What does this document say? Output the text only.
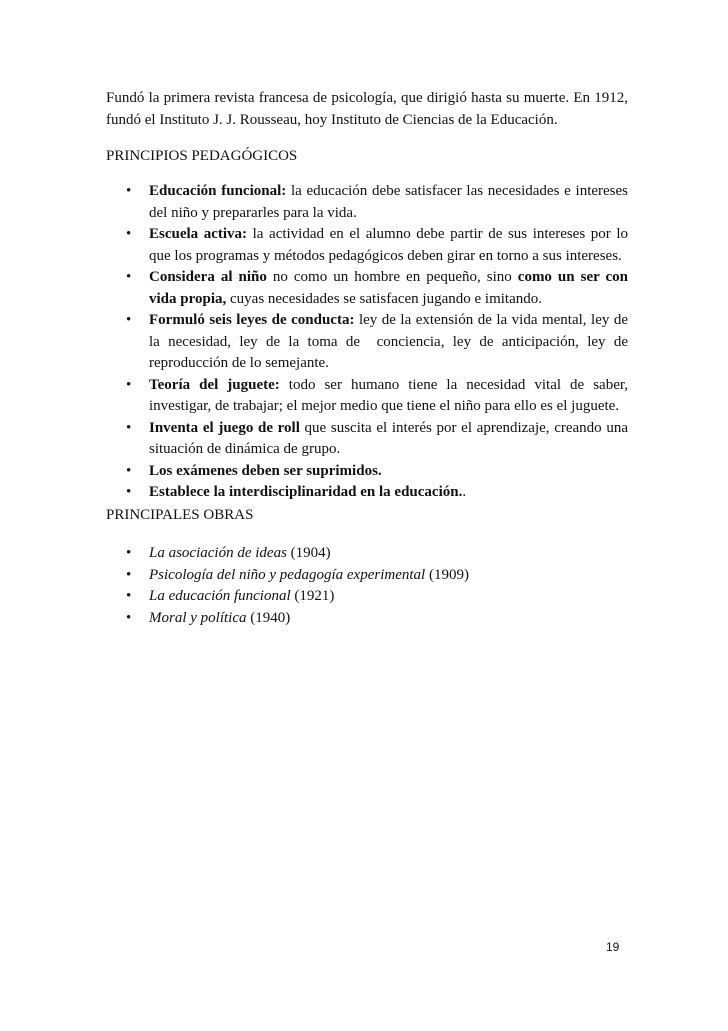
Fundó la primera revista francesa de psicología, que dirigió hasta su muerte. En 1912, fundó el Instituto J. J. Rousseau, hoy Instituto de Ciencias de la Educación.

PRINCIPIOS PEDAGÓGICOS

• Educación funcional: la educación debe satisfacer las necesidades e intereses del niño y prepararles para la vida.
• Escuela activa: la actividad en el alumno debe partir de sus intereses por lo que los programas y métodos pedagógicos deben girar en torno a sus intereses.
• Considera al niño no como un hombre en pequeño, sino como un ser con vida propia, cuyas necesidades se satisfacen jugando e imitando.
• Formuló seis leyes de conducta: ley de la extensión de la vida mental, ley de la necesidad, ley de la toma de  conciencia, ley de anticipación, ley de reproducción de lo semejante.
• Teoría del juguete: todo ser humano tiene la necesidad vital de saber, investigar, de trabajar; el mejor medio que tiene el niño para ello es el juguete.
• Inventa el juego de roll que suscita el interés por el aprendizaje, creando una situación de dinámica de grupo.
• Los exámenes deben ser suprimidos.
• Establece la interdisciplinaridad en la educación..

PRINCIPALES OBRAS

• La asociación de ideas (1904)
• Psicología del niño y pedagogía experimental (1909)
• La educación funcional (1921)
• Moral y política (1940)
19
